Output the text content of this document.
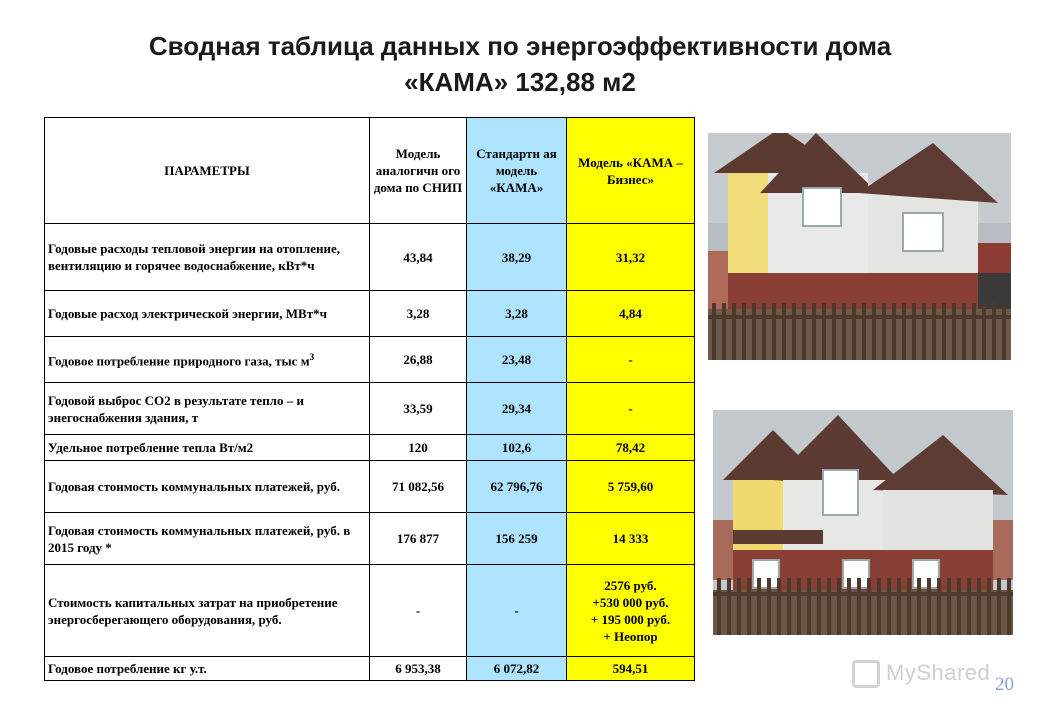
Сводная таблица данных по энергоэффективности дома
«КАМА» 132,88 м2
ПАРАМЕТРЫ	Модель аналогичн ого дома по СНИП	Стандартн ая модель «КАМА»	Модель «КАМА – Бизнес»
Годовые расходы тепловой энергии на отопление, вентиляцию и горячее водоснабжение, кВт*ч	43,84	38,29	31,32
Годовые расход электрической энергии, МВт*ч	3,28	3,28	4,84
Годовое потребление природного газа, тыс $м^3$	26,88	23,48	-
Годовой выброс СО2 в результате тепло – и энегоснабжения здания, т	33,59	29,34	-
Удельное потребление тепла Вт/м2	120	102,6	78,42
Годовая стоимость коммунальных платежей, руб.	71 082,56	62 796,76	5 759,60
Годовая стоимость коммунальных платежей, руб. в 2015 году *	176 877	156 259	14 333
Стоимость капитальных затрат на приобретение энергосберегающего оборудования, руб.	-	-	2576 руб.
+530 000 руб.
+ 195 000 руб.
+ Неопор

Годовое потребление кг у.т.	6 953,38	6 072,82	594,51	MyShared 20
